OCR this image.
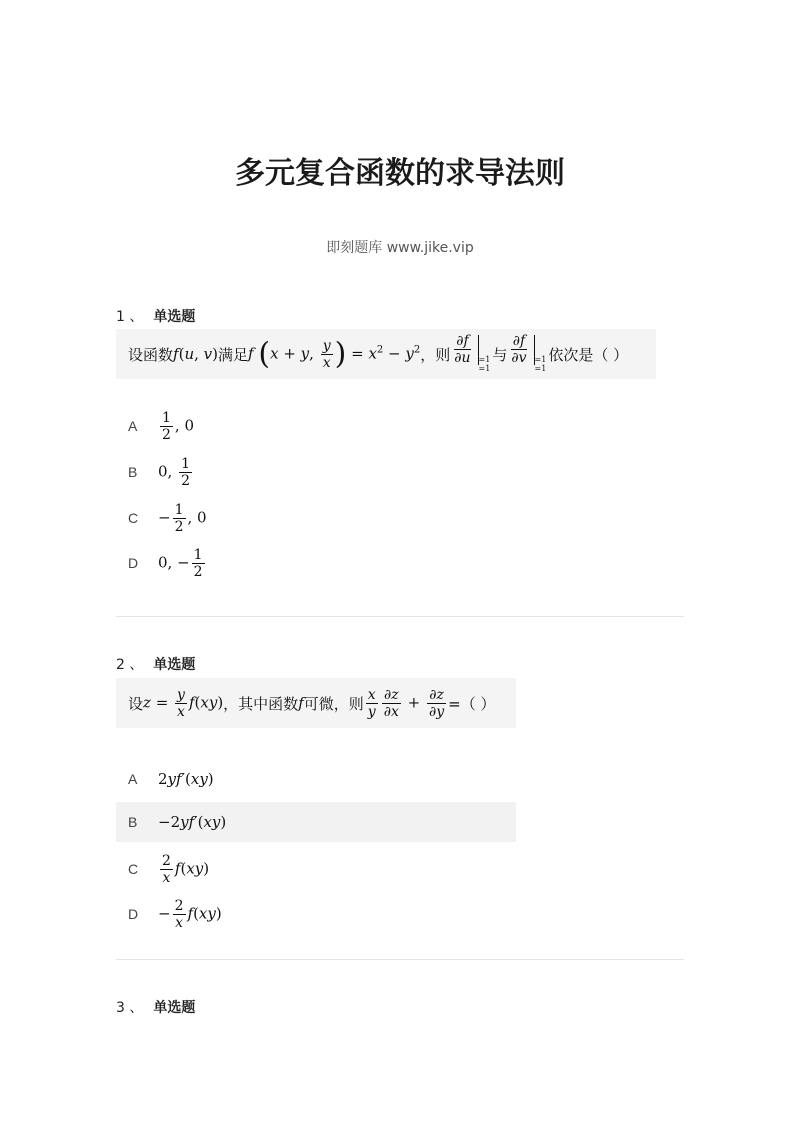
多元复合函数的求导法则
即刻题库 www.jike.vip
1 、 单选题
设函数 f(u, v) 满足 f (x + y, $\frac{y}{x}$ ) = $x^2 - y^2$ ，则 $\frac{\partial f}{\partial u} =1$
=1
与 $\frac{\partial f}{\partial v} =1$
=1
依次是（ ）
A	$\frac{1}{2}$ , 0
B	0, $\frac{1}{2}$
C	− $\frac{1}{2}$ , 0
D	0, − $\frac{1}{2}$
2 、 单选题
设 $z = \frac{y}{x} f(xy)$ ，其中函数 f 可微，则 $\frac{x}{y} \frac{\partial z}{\partial x} + \frac{\partial z}{\partial y}$ =（ ）
A	2yf′(xy)
B	−2yf′(xy)
C	$\frac{2}{x} f(xy)$
D	− $\frac{2}{x} f(xy)$
3 、 单选题
